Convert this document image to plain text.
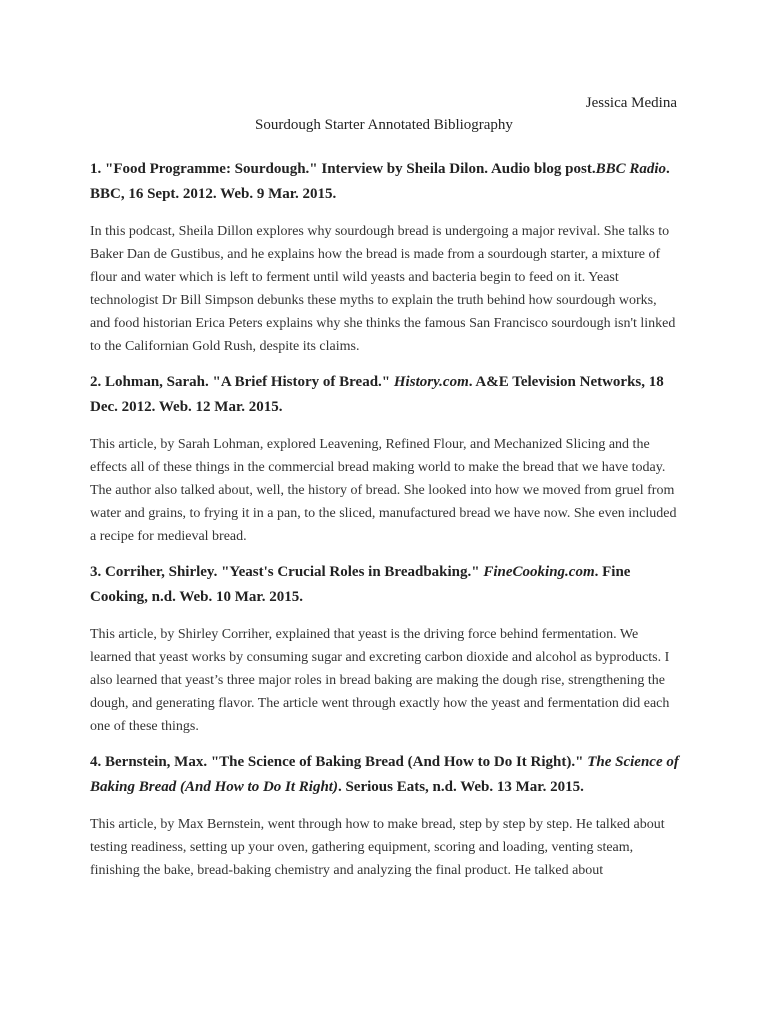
Jessica Medina
Sourdough Starter Annotated Bibliography

1. "Food Programme: Sourdough." Interview by Sheila Dilon. Audio blog post.BBC Radio. BBC, 16 Sept. 2012. Web. 9 Mar. 2015.

In this podcast, Sheila Dillon explores why sourdough bread is undergoing a major revival. She talks to Baker Dan de Gustibus, and he explains how the bread is made from a sourdough starter, a mixture of flour and water which is left to ferment until wild yeasts and bacteria begin to feed on it. Yeast technologist Dr Bill Simpson debunks these myths to explain the truth behind how sourdough works, and food historian Erica Peters explains why she thinks the famous San Francisco sourdough isn't linked to the Californian Gold Rush, despite its claims.

2. Lohman, Sarah. "A Brief History of Bread." History.com. A&E Television Networks, 18 Dec. 2012. Web. 12 Mar. 2015.

This article, by Sarah Lohman, explored Leavening, Refined Flour, and Mechanized Slicing and the effects all of these things in the commercial bread making world to make the bread that we have today. The author also talked about, well, the history of bread. She looked into how we moved from gruel from water and grains, to frying it in a pan, to the sliced, manufactured bread we have now. She even included a recipe for medieval bread.

3. Corriher, Shirley. "Yeast's Crucial Roles in Breadbaking." FineCooking.com. Fine Cooking, n.d. Web. 10 Mar. 2015.

This article, by Shirley Corriher, explained that yeast is the driving force behind fermentation. We learned that yeast works by consuming sugar and excreting carbon dioxide and alcohol as byproducts. I also learned that yeast’s three major roles in bread baking are making the dough rise, strengthening the dough, and generating flavor. The article went through exactly how the yeast and fermentation did each one of these things.

4. Bernstein, Max. "The Science of Baking Bread (And How to Do It Right)." The Science of Baking Bread (And How to Do It Right). Serious Eats, n.d. Web. 13 Mar. 2015.

This article, by Max Bernstein, went through how to make bread, step by step by step. He talked about testing readiness, setting up your oven, gathering equipment, scoring and loading, venting steam, finishing the bake, bread-baking chemistry and analyzing the final product. He talked about
